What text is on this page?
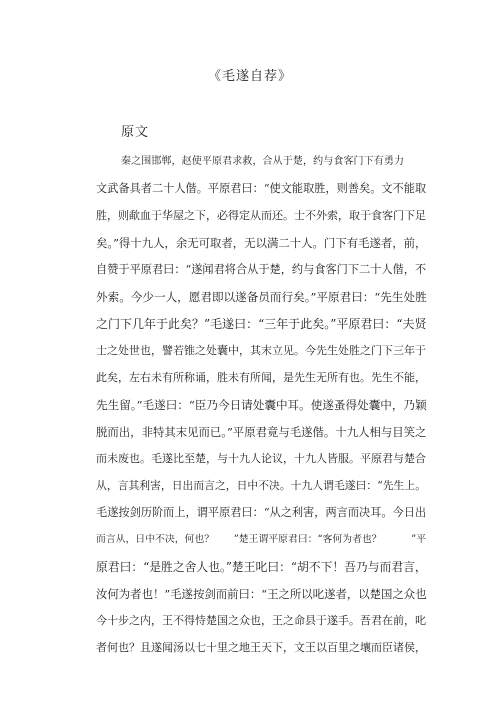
《毛遂自荐》
原文
秦之围邯郸，赵使平原君求救，合从于楚，约与食客门下有勇力
文武备具者二十人偕。平原君曰：“使文能取胜，则善矣。文不能取
胜，则歃血于华屋之下，必得定从而还。士不外索，取于食客门下足
矣。”得十九人，余无可取者，无以满二十人。门下有毛遂者，前，
自赞于平原君曰：“遂闻君将合从于楚，约与食客门下二十人偕，不
外索。今少一人，愿君即以遂备员而行矣。”平原君曰：“先生处胜
之门下几年于此矣？”毛遂曰：“三年于此矣。”平原君曰：“夫贤
士之处世也，譬若锥之处囊中，其末立见。今先生处胜之门下三年于
此矣，左右未有所称诵，胜未有所闻，是先生无所有也。先生不能，
先生留。”毛遂曰：“臣乃今日请处囊中耳。使遂蚤得处囊中，乃颖
脱而出，非特其末见而已。”平原君竟与毛遂偕。十九人相与目笑之
而未废也。毛遂比至楚，与十九人论议，十九人皆服。平原君与楚合
从，言其利害，日出而言之，日中不决。十九人谓毛遂曰：“先生上。
毛遂按剑历阶而上，谓平原君曰：“从之利害，两言而决耳。今日出
而言从，日中不决，何也？　　”楚王谓平原君曰：“客何为者也？　　　”平
原君曰：“是胜之舍人也。”楚王叱曰：“胡不下！吾乃与而君言，
汝何为者也！”毛遂按剑而前曰：“王之所以叱遂者，以楚国之众也
今十步之内，王不得恃楚国之众也，王之命县于遂手。吾君在前，叱
者何也？且遂闻汤以七十里之地王天下，文王以百里之壤而臣诸侯，
